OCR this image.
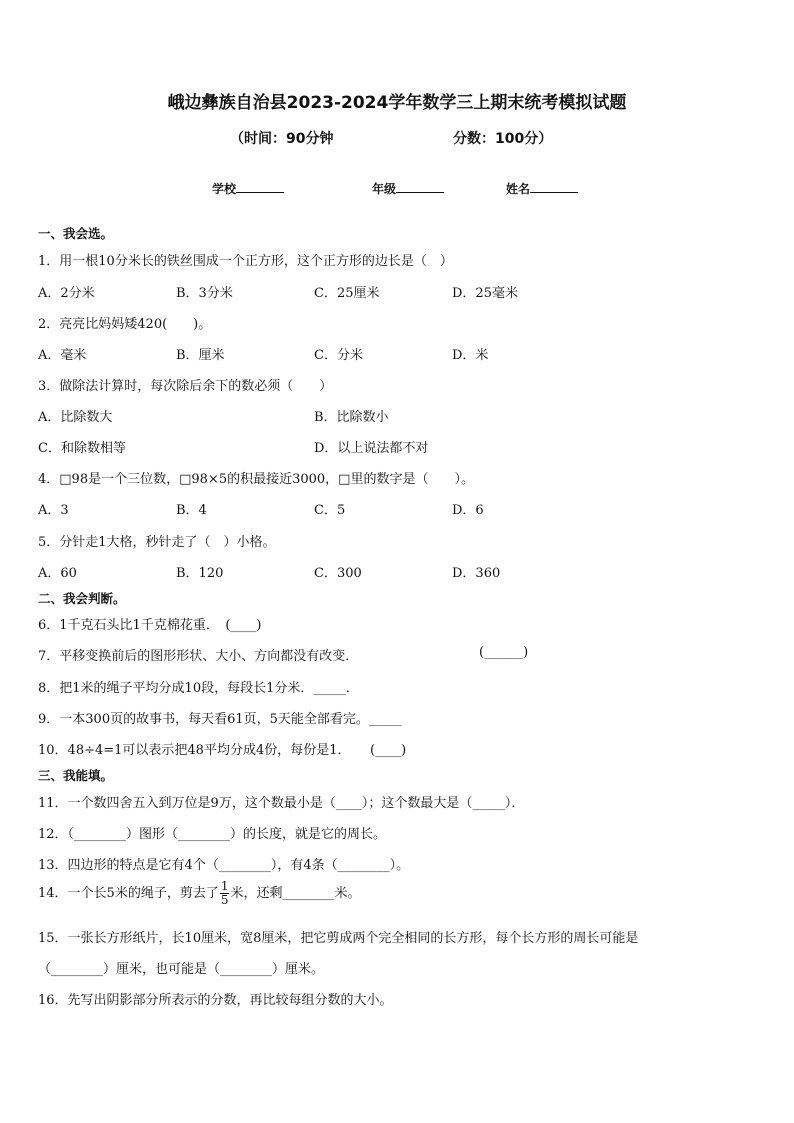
峨边彝族自治县2023-2024学年数学三上期末统考模拟试题
（时间：90分钟	分数：100分）
学校	年级	姓名
一、我会选。
1．用一根10分米长的铁丝围成一个正方形，这个正方形的边长是（　）
A．2分米	B．3分米	C．25厘米	D．25毫米
2．亮亮比妈妈矮420(　　)。
A．毫米	B．厘米	C．分米	D．米
3．做除法计算时，每次除后余下的数必须（　　）
A．比除数大	B．比除数小
C．和除数相等	D．以上说法都不对
4．□98是一个三位数，□98×5的积最接近3000，□里的数字是（　　）。
A．3	B．4	C．5	D．6
5．分针走1大格，秒针走了（　）小格。
A．60	B．120	C．300	D．360
二、我会判断。
6．1千克石头比1千克棉花重．　(____)
7．平移变换前后的图形形状、大小、方向都没有改变．	(______)
8．把1米的绳子平均分成10段，每段长1分米．_____．
9．一本300页的故事书，每天看61页，5天能全部看完。_____
10．48÷4=1可以表示把48平均分成4份，每份是1．　　(____)
三、我能填。
11．一个数四舍五入到万位是9万，这个数最小是（____）；这个数最大是（_____）．
12．（________）图形（________）的长度，就是它的周长。
13．四边形的特点是它有4个（________），有4条（________）。
14．一个长5米的绳子，剪去了 $\frac{1}{5}$ 米，还剩________米。
15．一张长方形纸片，长10厘米，宽8厘米，把它剪成两个完全相同的长方形，每个长方形的周长可能是
（________）厘米，也可能是（________）厘米。
16．先写出阴影部分所表示的分数，再比较每组分数的大小。
